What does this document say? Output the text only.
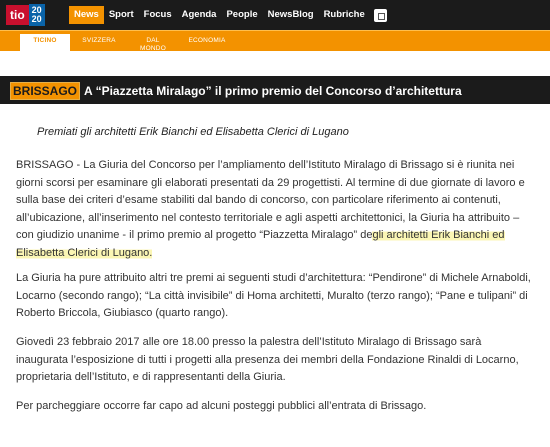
tio 20
20	News	Sport	Focus	Agenda	People	NewsBlog	Rubriche
TICINO	SVIZZERA	DAL MONDO
ECONOMIA
BRISSAGO A “Piazzetta Miralago” il primo premio del Concorso d’architettura
Premiati gli architetti Erik Bianchi ed Elisabetta Clerici di Lugano

BRISSAGO - La Giuria del Concorso per l’ampliamento dell’Istituto Miralago di Brissago si è riunita nei giorni scorsi per esaminare gli elaborati presentati da 29 progettisti. Al termine di due giornate di lavoro e sulla base dei criteri d’esame stabiliti dal bando di concorso, con particolare riferimento ai contenuti, all’ubicazione, all’inserimento nel contesto territoriale e agli aspetti architettonici, la Giuria ha attribuito – con giudizio unanime - il primo premio al progetto “Piazzetta Miralago” degli architetti Erik Bianchi ed Elisabetta Clerici di Lugano.

La Giuria ha pure attribuito altri tre premi ai seguenti studi d’architettura: “Pendirone” di Michele Arnaboldi, Locarno (secondo rango); “La città invisibile” di Homa architetti, Muralto (terzo rango); “Pane e tulipani” di Roberto Briccola, Giubiasco (quarto rango).

Giovedì 23 febbraio 2017 alle ore 18.00 presso la palestra dell’Istituto Miralago di Brissago sarà inaugurata l’esposizione di tutti i progetti alla presenza dei membri della Fondazione Rinaldi di Locarno, proprietaria dell’Istituto, e di rappresentanti della Giuria.

Per parcheggiare occorre far capo ad alcuni posteggi pubblici all’entrata di Brissago.
